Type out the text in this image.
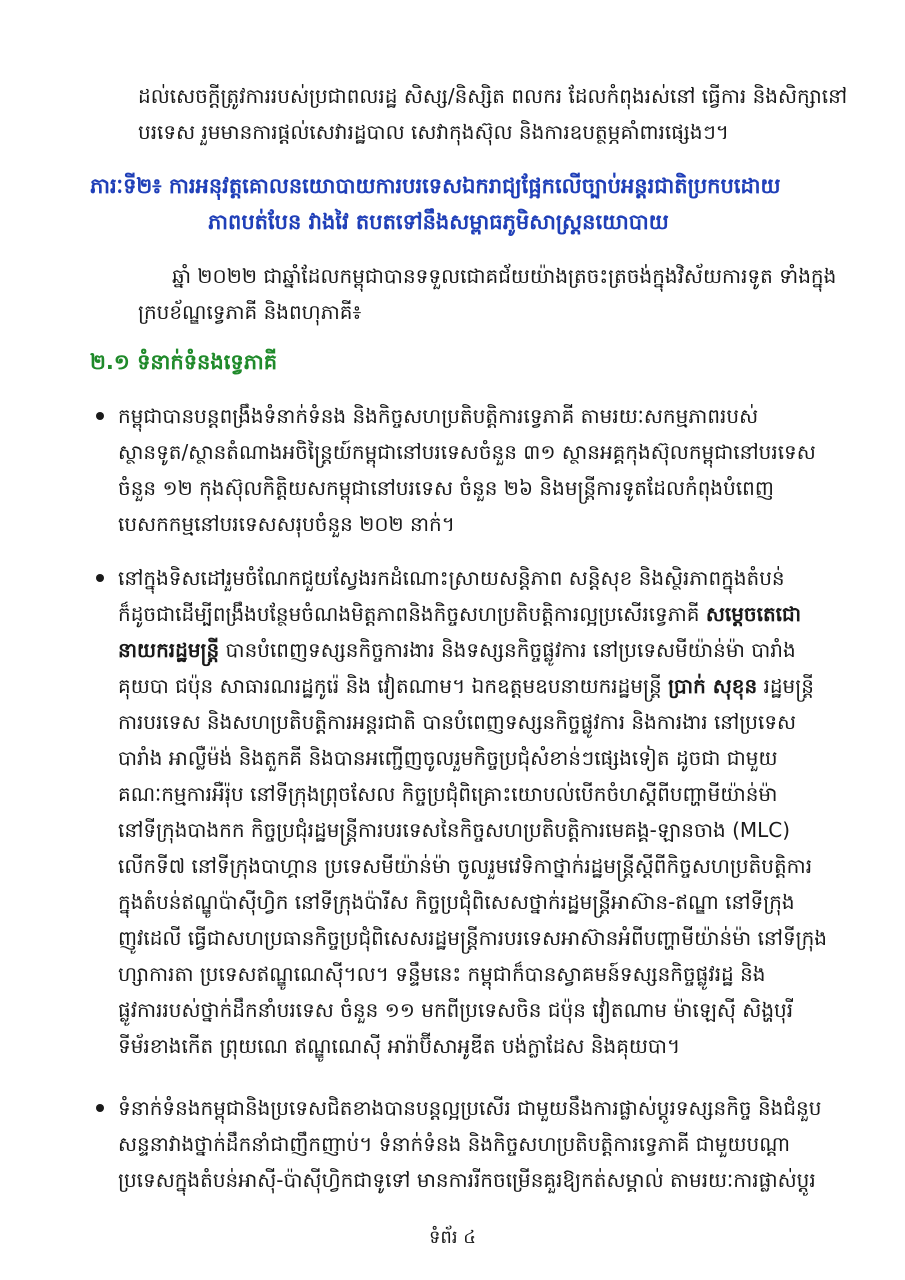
ដល់សេចក្ដីត្រូវការរបស់ប្រជាពលរដ្ឋ សិស្ស/និស្សិត ពលករ ដែលកំពុងរស់នៅ ធ្វើការ និងសិក្សានៅ
បរទេស រួមមានការផ្ដល់សេវារដ្ឋបាល សេវាកុងស៊ុល និងការឧបត្ថម្ភគាំពារផ្សេងៗ។
ភារៈទី២៖ ការអនុវត្តគោលនយោបាយការបរទេសឯករាជ្យផ្អែកលើច្បាប់អន្តរជាតិប្រកបដោយ
ភាពបត់បែន វាងវៃ តបតទៅនឹងសម្ពាធភូមិសាស្ត្រនយោបាយ
ឆ្នាំ ២០២២ ជាឆ្នាំដែលកម្ពុជាបានទទួលជោគជ័យយ៉ាងត្រចះត្រចង់ក្នុងវិស័យការទូត ទាំងក្នុង
ក្របខ័ណ្ឌទ្វេភាគី និងពហុភាគី៖
២.១ ទំនាក់ទំនងទ្វេភាគី
កម្ពុជាបានបន្តពង្រឹងទំនាក់ទំនង និងកិច្ចសហប្រតិបត្តិការទ្វេភាគី តាមរយៈសកម្មភាពរបស់
ស្ថានទូត/ស្ថានតំណាងអចិន្ត្រៃយ៍កម្ពុជានៅបរទេសចំនួន ៣១ ស្ថានអគ្គកុងស៊ុលកម្ពុជានៅបរទេស
ចំនួន ១២ កុងស៊ុលកិត្តិយសកម្ពុជានៅបរទេស ចំនួន ២៦ និងមន្ត្រីការទូតដែលកំពុងបំពេញ
បេសកកម្មនៅបរទេសសរុបចំនួន ២០២ នាក់។
នៅក្នុងទិសដៅរួមចំណែកជួយស្វែងរកដំណោះស្រាយសន្តិភាព សន្តិសុខ និងស្ថិរភាពក្នុងតំបន់
ក៏ដូចជាដើម្បីពង្រឹងបន្ថែមចំណងមិត្តភាពនិងកិច្ចសហប្រតិបត្តិការល្អប្រសើរទ្វេភាគី សម្ដេចតេជោ
នាយករដ្ឋមន្ត្រី បានបំពេញទស្សនកិច្ចការងារ និងទស្សនកិច្ចផ្លូវការ នៅប្រទេសមីយ៉ាន់ម៉ា បារាំង
គុយបា ជប៉ុន សាធារណរដ្ឋកូរ៉េ និង វៀតណាម។ ឯកឧត្តមឧបនាយករដ្ឋមន្ត្រី ប្រាក់ សុខុន រដ្ឋមន្ត្រី
ការបរទេស និងសហប្រតិបត្តិការអន្តរជាតិ បានបំពេញទស្សនកិច្ចផ្លូវការ និងការងារ នៅប្រទេស
បារាំង អាល្លឺម៉ង់ និងតួកគី និងបានអញ្ជើញចូលរួមកិច្ចប្រជុំសំខាន់ៗផ្សេងទៀត ដូចជា ជាមួយ
គណៈកម្មការអឺរ៉ុប នៅទីក្រុងព្រុចសែល កិច្ចប្រជុំពិគ្រោះយោបល់បើកចំហស្ដីពីបញ្ហាមីយ៉ាន់ម៉ា
នៅទីក្រុងបាងកក កិច្ចប្រជុំរដ្ឋមន្ត្រីការបរទេសនៃកិច្ចសហប្រតិបត្តិការមេគង្គ-ឡានចាង (MLC)
លើកទី៧ នៅទីក្រុងបាហ្គាន ប្រទេសមីយ៉ាន់ម៉ា ចូលរួមវេទិកាថ្នាក់រដ្ឋមន្ត្រីស្ដីពីកិច្ចសហប្រតិបត្តិការ
ក្នុងតំបន់ឥណ្ឌូប៉ាស៊ីហ្វិក នៅទីក្រុងប៉ារីស កិច្ចប្រជុំពិសេសថ្នាក់រដ្ឋមន្ត្រីអាស៊ាន-ឥណ្ឌា នៅទីក្រុង
ញូវដេលី ធ្វើជាសហប្រធានកិច្ចប្រជុំពិសេសរដ្ឋមន្ត្រីការបរទេសអាស៊ានអំពីបញ្ហាមីយ៉ាន់ម៉ា នៅទីក្រុង
ហ្សាការតា ប្រទេសឥណ្ឌូណេស៊ី។ល។ ទន្ទឹមនេះ កម្ពុជាក៏បានស្វាគមន៍ទស្សនកិច្ចផ្លូវរដ្ឋ និង
ផ្លូវការរបស់ថ្នាក់ដឹកនាំបរទេស ចំនួន ១១ មកពីប្រទេសចិន ជប៉ុន វៀតណាម ម៉ាឡេស៊ី សិង្ហបុរី
ទីម័រខាងកើត ព្រុយណេ ឥណ្ឌូណេស៊ី អារ៉ាប៊ីសាអូឌីត បង់ក្លាដែស និងគុយបា។
ទំនាក់ទំនងកម្ពុជានិងប្រទេសជិតខាងបានបន្តល្អប្រសើរ ជាមួយនឹងការផ្លាស់ប្ដូរទស្សនកិច្ច និងជំនួប
សន្ទនាវាងថ្នាក់ដឹកនាំជាញឹកញាប់។ ទំនាក់ទំនង និងកិច្ចសហប្រតិបត្តិការទ្វេភាគី ជាមួយបណ្ដា
ប្រទេសក្នុងតំបន់អាស៊ី-ប៉ាស៊ីហ្វិកជាទូទៅ មានការរីកចម្រើនគួរឱ្យកត់សម្គាល់ តាមរយៈការផ្លាស់ប្ដូរ
ទំព័រ ៤
